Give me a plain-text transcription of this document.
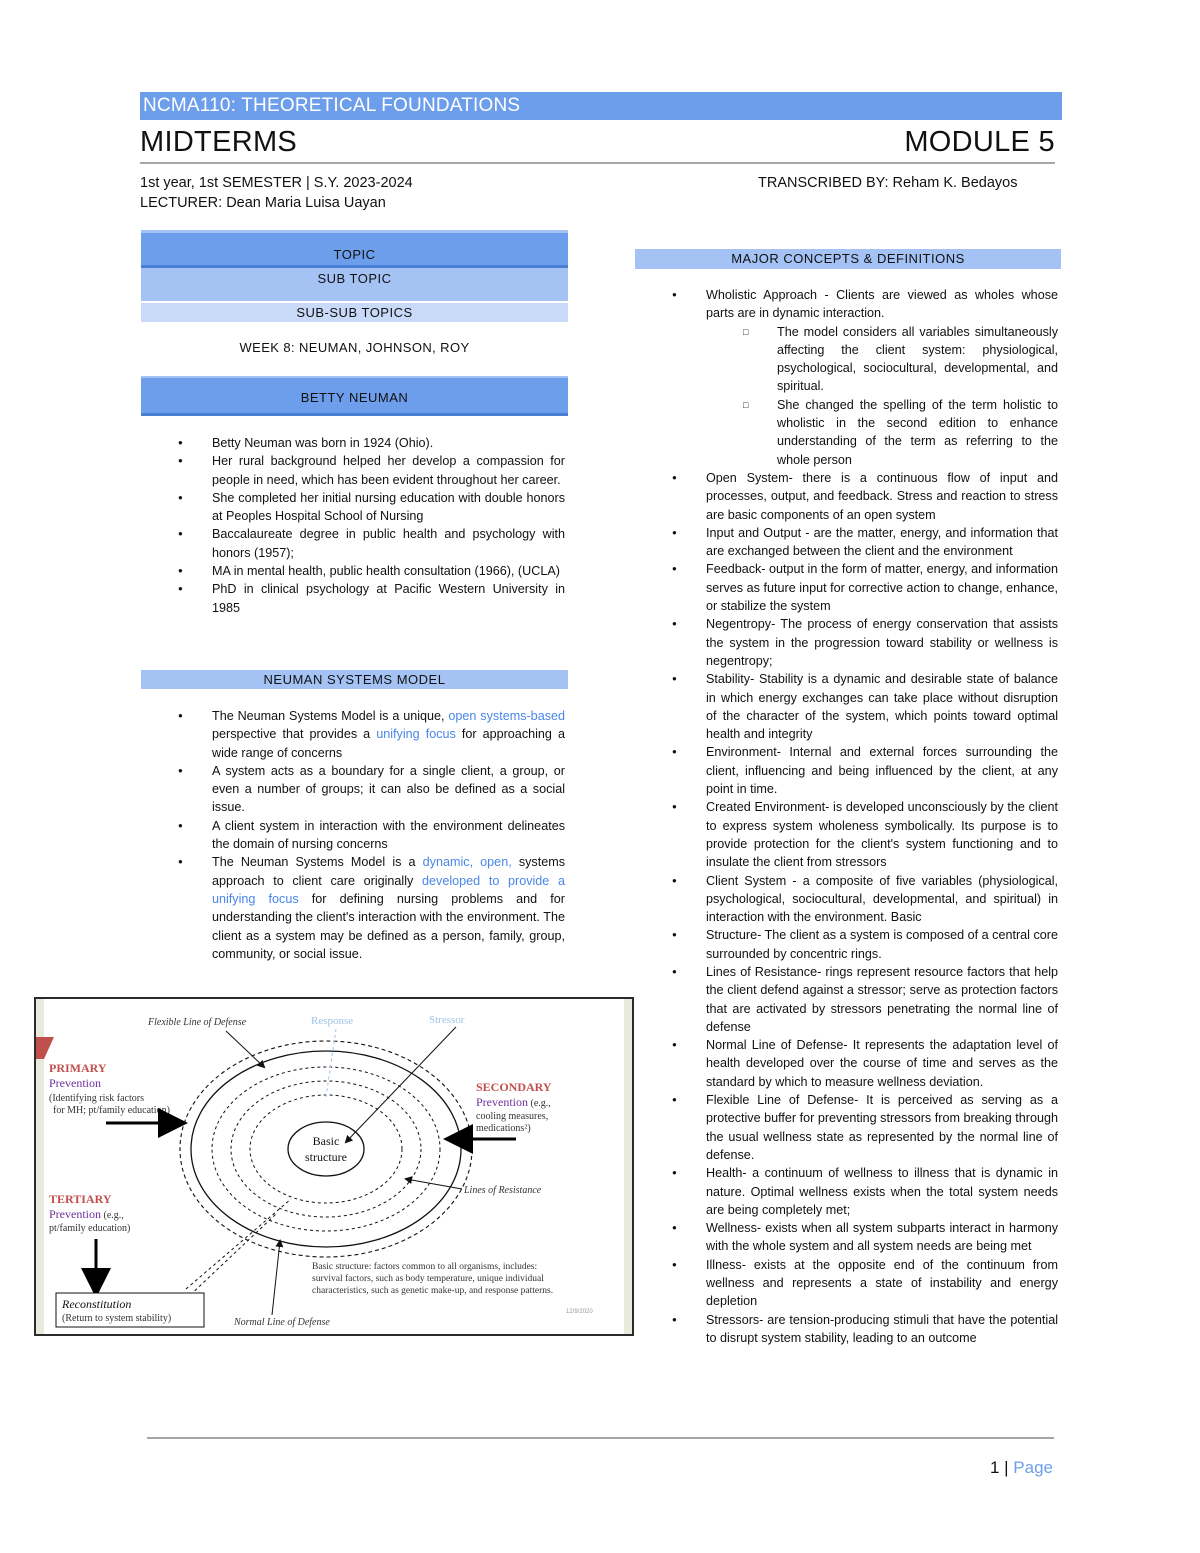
NCMA110: THEORETICAL FOUNDATIONS
MIDTERMS	MODULE 5
1st year, 1st SEMESTER | S.Y. 2023-2024
LECTURER: Dean Maria Luisa Uayan
TRANSCRIBED BY: Reham K. Bedayos
TOPIC
SUB TOPIC
SUB-SUB TOPICS
WEEK 8: NEUMAN, JOHNSON, ROY
BETTY NEUMAN
● Betty Neuman was born in 1924 (Ohio).
● Her rural background helped her develop a compassion for people in need, which has been evident throughout her career.
● She completed her initial nursing education with double honors at Peoples Hospital School of Nursing
● Baccalaureate degree in public health and psychology with honors (1957);
● MA in mental health, public health consultation (1966), (UCLA)
● PhD in clinical psychology at Pacific Western University in 1985
NEUMAN SYSTEMS MODEL
● The Neuman Systems Model is a unique, open systems-based perspective that provides a unifying focus for approaching a wide range of concerns
● A system acts as a boundary for a single client, a group, or even a number of groups; it can also be defined as a social issue.
● A client system in interaction with the environment delineates the domain of nursing concerns
● The Neuman Systems Model is a dynamic, open, systems approach to client care originally developed to provide a unifying focus for defining nursing problems and for understanding the client's interaction with the environment. The client as a system may be defined as a person, family, group, community, or social issue.
Flexible Line of Defense	Response	Stressor
PRIMARY
Prevention
(Identifying risk factors
for MH; pt/family education)
SECONDARY
Prevention (e.g.,
cooling measures,
medications²)
Basic
structure
Lines of Resistance
TERTIARY
Prevention (e.g.,
pt/family education)
Reconstitution
(Return to system stability)
Basic structure: factors common to all organisms, includes:
survival factors, such as body temperature, unique individual
characteristics, such as genetic make-up, and response patterns.
Normal Line of Defense
12/9/2020
MAJOR CONCEPTS & DEFINITIONS
● Wholistic Approach - Clients are viewed as wholes whose parts are in dynamic interaction.
□ The model considers all variables simultaneously affecting the client system: physiological, psychological, sociocultural, developmental, and spiritual.
□ She changed the spelling of the term holistic to wholistic in the second edition to enhance understanding of the term as referring to the whole person
● Open System- there is a continuous flow of input and processes, output, and feedback. Stress and reaction to stress are basic components of an open system
● Input and Output - are the matter, energy, and information that are exchanged between the client and the environment
● Feedback- output in the form of matter, energy, and information serves as future input for corrective action to change, enhance, or stabilize the system
● Negentropy- The process of energy conservation that assists the system in the progression toward stability or wellness is negentropy;
● Stability- Stability is a dynamic and desirable state of balance in which energy exchanges can take place without disruption of the character of the system, which points toward optimal health and integrity
● Environment- Internal and external forces surrounding the client, influencing and being influenced by the client, at any point in time.
● Created Environment- is developed unconsciously by the client to express system wholeness symbolically. Its purpose is to provide protection for the client's system functioning and to insulate the client from stressors
● Client System - a composite of five variables (physiological, psychological, sociocultural, developmental, and spiritual) in interaction with the environment. Basic
● Structure- The client as a system is composed of a central core surrounded by concentric rings.
● Lines of Resistance- rings represent resource factors that help the client defend against a stressor; serve as protection factors that are activated by stressors penetrating the normal line of defense
● Normal Line of Defense- It represents the adaptation level of health developed over the course of time and serves as the standard by which to measure wellness deviation.
● Flexible Line of Defense- It is perceived as serving as a protective buffer for preventing stressors from breaking through the usual wellness state as represented by the normal line of defense.
● Health- a continuum of wellness to illness that is dynamic in nature. Optimal wellness exists when the total system needs are being completely met;
● Wellness- exists when all system subparts interact in harmony with the whole system and all system needs are being met
● Illness- exists at the opposite end of the continuum from wellness and represents a state of instability and energy depletion
● Stressors- are tension-producing stimuli that have the potential to disrupt system stability, leading to an outcome
1 | Page
